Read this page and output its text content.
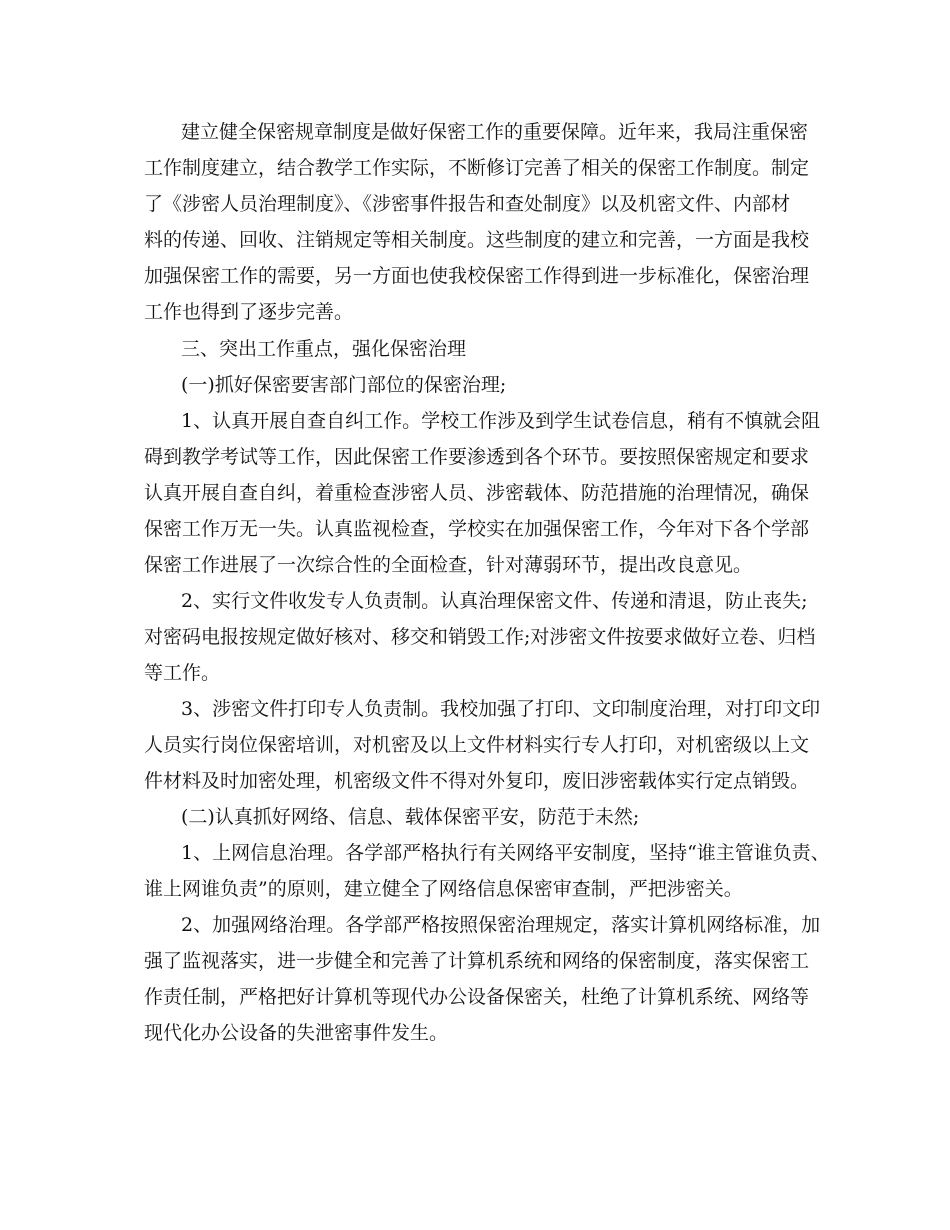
建立健全保密规章制度是做好保密工作的重要保障。近年来，我局注重保密
工作制度建立，结合教学工作实际，不断修订完善了相关的保密工作制度。制定
了《涉密人员治理制度》、《涉密事件报告和查处制度》以及机密文件、内部材
料的传递、回收、注销规定等相关制度。这些制度的建立和完善，一方面是我校
加强保密工作的需要，另一方面也使我校保密工作得到进一步标准化，保密治理
工作也得到了逐步完善。
三、突出工作重点，强化保密治理
(一)抓好保密要害部门部位的保密治理;
1、认真开展自查自纠工作。学校工作涉及到学生试卷信息，稍有不慎就会阻
碍到教学考试等工作，因此保密工作要渗透到各个环节。要按照保密规定和要求
认真开展自查自纠，着重检查涉密人员、涉密载体、防范措施的治理情况，确保
保密工作万无一失。认真监视检查，学校实在加强保密工作，今年对下各个学部
保密工作进展了一次综合性的全面检查，针对薄弱环节，提出改良意见。
2、实行文件收发专人负责制。认真治理保密文件、传递和清退，防止丧失;
对密码电报按规定做好核对、移交和销毁工作;对涉密文件按要求做好立卷、归档
等工作。
3、涉密文件打印专人负责制。我校加强了打印、文印制度治理，对打印文印
人员实行岗位保密培训，对机密及以上文件材料实行专人打印，对机密级以上文
件材料及时加密处理，机密级文件不得对外复印，废旧涉密载体实行定点销毁。
(二)认真抓好网络、信息、载体保密平安，防范于未然;
1、上网信息治理。各学部严格执行有关网络平安制度，坚持“谁主管谁负责、
谁上网谁负责”的原则，建立健全了网络信息保密审查制，严把涉密关。
2、加强网络治理。各学部严格按照保密治理规定，落实计算机网络标准，加
强了监视落实，进一步健全和完善了计算机系统和网络的保密制度，落实保密工
作责任制，严格把好计算机等现代办公设备保密关，杜绝了计算机系统、网络等
现代化办公设备的失泄密事件发生。
